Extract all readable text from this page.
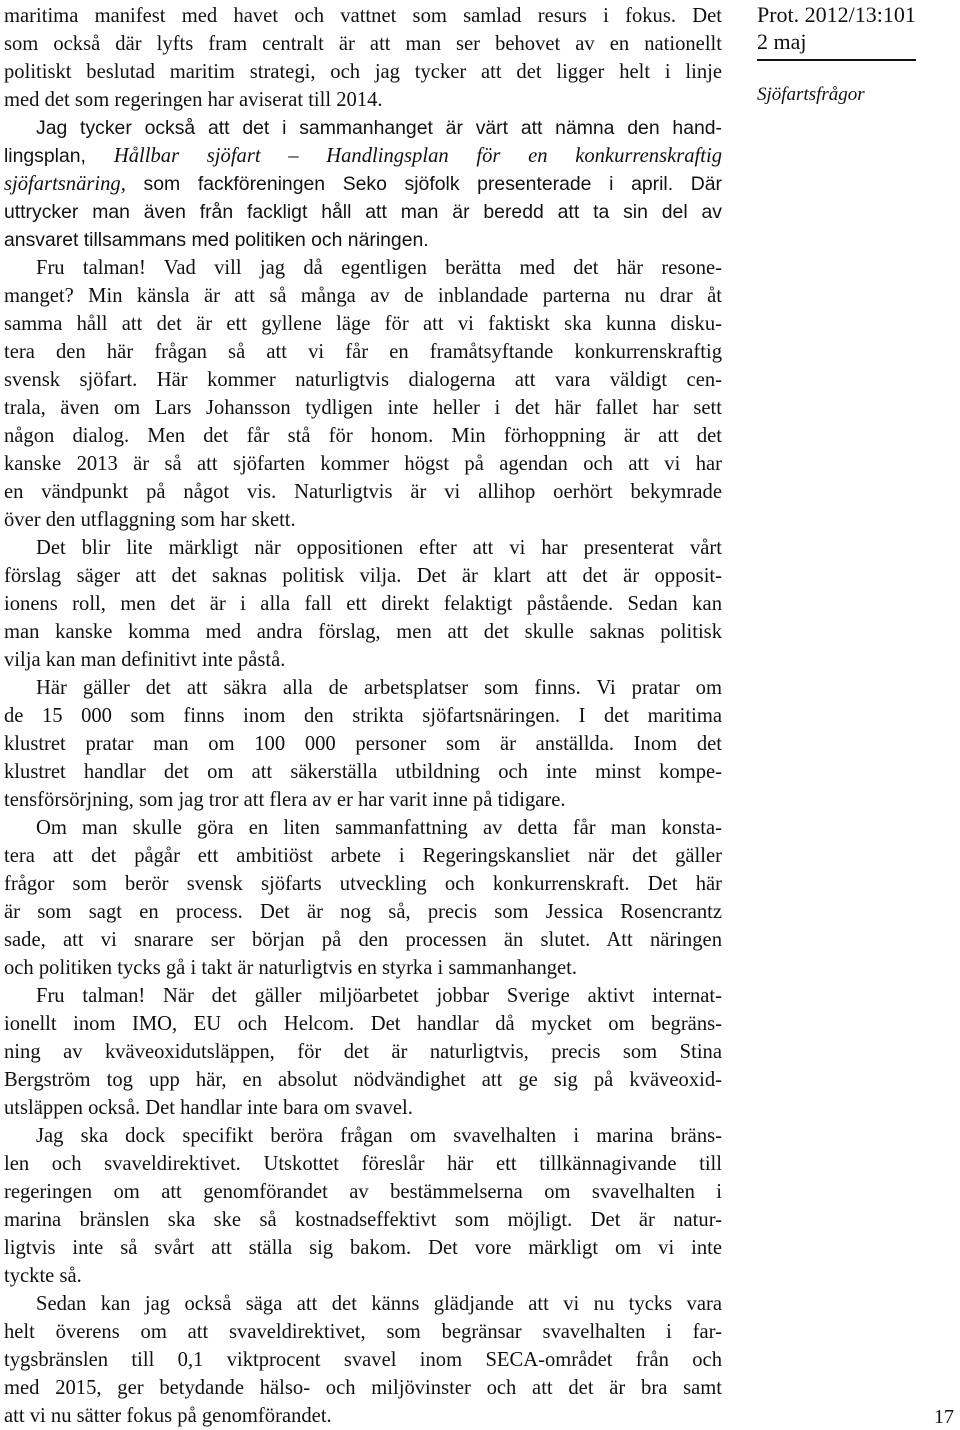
maritima manifest med havet och vattnet som samlad resurs i fokus. Det
som också där lyfts fram centralt är att man ser behovet av en nationellt
politiskt beslutad maritim strategi, och jag tycker att det ligger helt i linje
med det som regeringen har aviserat till 2014.
Jag tycker också att det i sammanhanget är värt att nämna den hand-
lingsplan, Hållbar sjöfart – Handlingsplan för en konkurrenskraftig
sjöfartsnäring, som fackföreningen Seko sjöfolk presenterade i april. Där
uttrycker man även från fackligt håll att man är beredd att ta sin del av
ansvaret tillsammans med politiken och näringen.
Fru talman! Vad vill jag då egentligen berätta med det här resone-
manget? Min känsla är att så många av de inblandade parterna nu drar åt
samma håll att det är ett gyllene läge för att vi faktiskt ska kunna disku-
tera den här frågan så att vi får en framåtsyftande konkurrenskraftig
svensk sjöfart. Här kommer naturligtvis dialogerna att vara väldigt cen-
trala, även om Lars Johansson tydligen inte heller i det här fallet har sett
någon dialog. Men det får stå för honom. Min förhoppning är att det
kanske 2013 är så att sjöfarten kommer högst på agendan och att vi har
en vändpunkt på något vis. Naturligtvis är vi allihop oerhört bekymrade
över den utflaggning som har skett.
Det blir lite märkligt när oppositionen efter att vi har presenterat vårt
förslag säger att det saknas politisk vilja. Det är klart att det är opposit-
ionens roll, men det är i alla fall ett direkt felaktigt påstående. Sedan kan
man kanske komma med andra förslag, men att det skulle saknas politisk
vilja kan man definitivt inte påstå.
Här gäller det att säkra alla de arbetsplatser som finns. Vi pratar om
de 15 000 som finns inom den strikta sjöfartsnäringen. I det maritima
klustret pratar man om 100 000 personer som är anställda. Inom det
klustret handlar det om att säkerställa utbildning och inte minst kompe-
tensförsörjning, som jag tror att flera av er har varit inne på tidigare.
Om man skulle göra en liten sammanfattning av detta får man konsta-
tera att det pågår ett ambitiöst arbete i Regeringskansliet när det gäller
frågor som berör svensk sjöfarts utveckling och konkurrenskraft. Det här
är som sagt en process. Det är nog så, precis som Jessica Rosencrantz
sade, att vi snarare ser början på den processen än slutet. Att näringen
och politiken tycks gå i takt är naturligtvis en styrka i sammanhanget.
Fru talman! När det gäller miljöarbetet jobbar Sverige aktivt internat-
ionellt inom IMO, EU och Helcom. Det handlar då mycket om begräns-
ning av kväveoxidutsläppen, för det är naturligtvis, precis som Stina
Bergström tog upp här, en absolut nödvändighet att ge sig på kväveoxid-
utsläppen också. Det handlar inte bara om svavel.
Jag ska dock specifikt beröra frågan om svavelhalten i marina bräns-
len och svaveldirektivet. Utskottet föreslår här ett tillkännagivande till
regeringen om att genomförandet av bestämmelserna om svavelhalten i
marina bränslen ska ske så kostnadseffektivt som möjligt. Det är natur-
ligtvis inte så svårt att ställa sig bakom. Det vore märkligt om vi inte
tyckte så.
Sedan kan jag också säga att det känns glädjande att vi nu tycks vara
helt överens om att svaveldirektivet, som begränsar svavelhalten i far-
tygsbränslen till 0,1 viktprocent svavel inom SECA-området från och
med 2015, ger betydande hälso- och miljövinster och att det är bra samt
att vi nu sätter fokus på genomförandet.
Prot. 2012/13:101
2 maj
Sjöfartsfrågor
17
